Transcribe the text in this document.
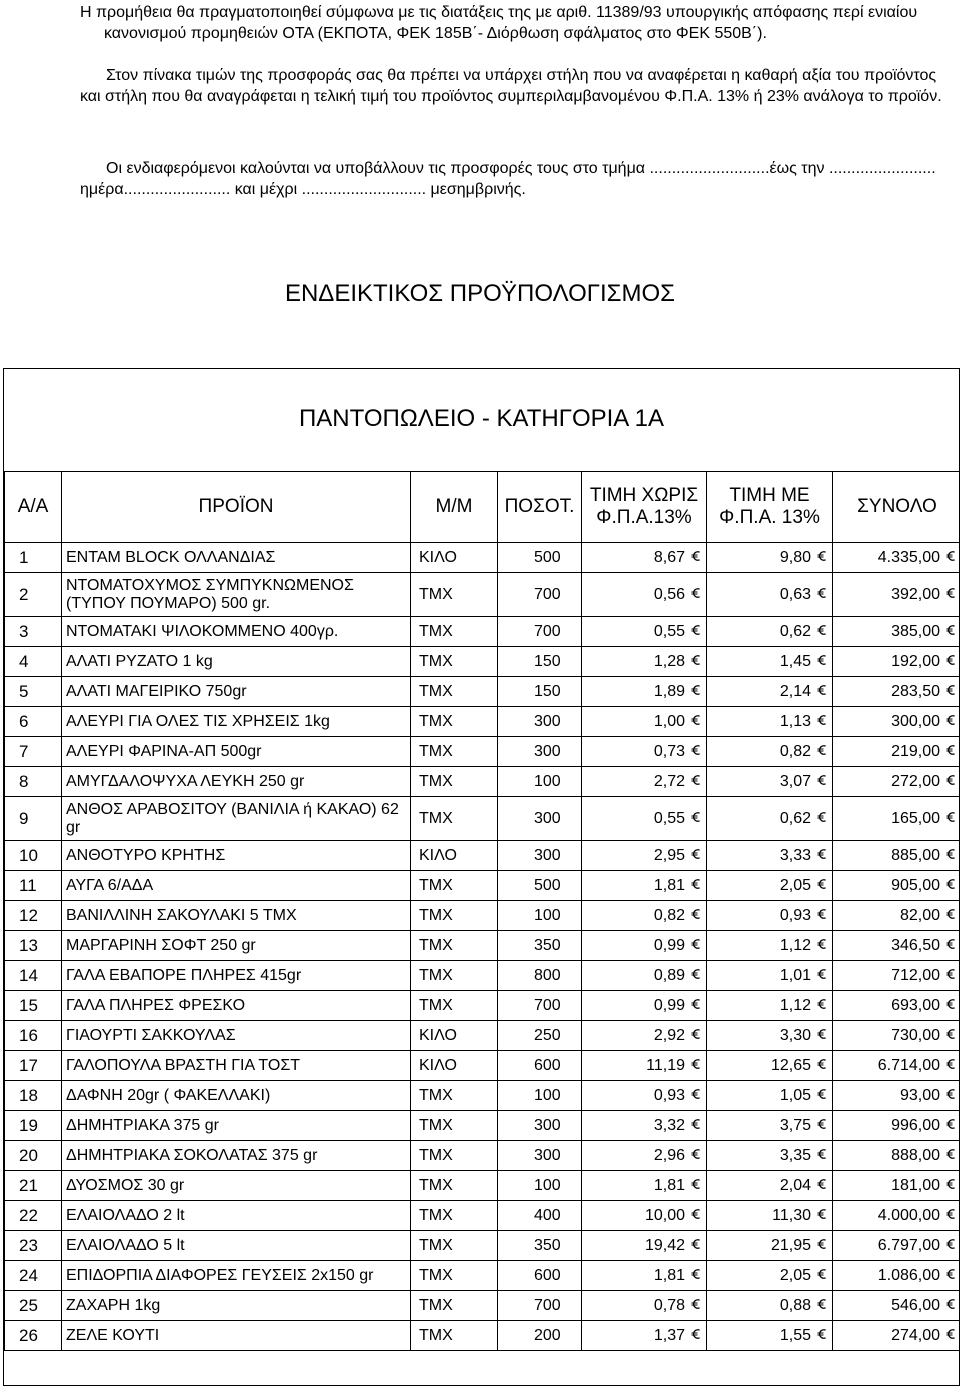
Η προμήθεια θα πραγματοποιηθεί σύμφωνα με τις διατάξεις της με αριθ. 11389/93 υπουργικής απόφασης περί ενιαίου κανονισμού προμηθειών ΟΤΑ (ΕΚΠΟΤΑ, ΦΕΚ 185Β΄- Διόρθωση σφάλματος στο ΦΕΚ 550Β΄).

Στον πίνακα τιμών της προσφοράς σας θα πρέπει να υπάρχει στήλη που να αναφέρεται η καθαρή αξία του προϊόντος και στήλη που θα αναγράφεται η τελική τιμή του προϊόντος συμπεριλαμβανομένου Φ.Π.Α. 13% ή 23% ανάλογα το προϊόν.

Οι ενδιαφερόμενοι καλούνται να υποβάλλουν τις προσφορές τους στο τμήμα ...........................έως την ........................ ημέρα........................ και μέχρι ............................ μεσημβρινής.

ΕΝΔΕΙΚΤΙΚΟΣ ΠΡΟΫΠΟΛΟΓΙΣΜΟΣ
ΠΑΝΤΟΠΩΛΕΙΟ - ΚΑΤΗΓΟΡΙΑ 1Α
Α/Α	ΠΡΟΪΟΝ	Μ/Μ	ΠΟΣΟΤ.	ΤΙΜΗ ΧΩΡΙΣ Φ.Π.Α.13%	ΤΙΜΗ ΜΕ Φ.Π.Α. 13%	ΣΥΝΟΛΟ
1	ΕΝΤΑΜ BLOCK ΟΛΛΑΝΔΙΑΣ	ΚΙΛΟ	500	8,67	9,80	4.335,00

2	ΝΤΟΜΑΤΟΧΥΜΟΣ ΣΥΜΠΥΚΝΩΜΕΝΟΣ (ΤΥΠΟΥ ΠΟΥΜΑΡΟ) 500 gr.	ΤΜΧ	700	0,56	0,63	392,00

3	ΝΤΟΜΑΤΑΚΙ ΨΙΛΟΚΟΜΜΕΝΟ 400γρ.	ΤΜΧ	700	0,55	0,62	385,00

4	ΑΛΑΤΙ ΡΥΖΑΤΟ 1 kg	ΤΜΧ	150	1,28	1,45	192,00

5	ΑΛΑΤΙ ΜΑΓΕΙΡΙΚΟ 750gr	ΤΜΧ	150	1,89	2,14	283,50

6	ΑΛΕΥΡΙ ΓΙΑ ΟΛΕΣ ΤΙΣ ΧΡΗΣΕΙΣ 1kg	ΤΜΧ	300	1,00	1,13	300,00

7	ΑΛΕΥΡΙ ΦΑΡΙΝΑ-ΑΠ 500gr	ΤΜΧ	300	0,73	0,82	219,00

8	ΑΜΥΓΔΑΛΟΨΥΧΑ ΛΕΥΚΗ 250 gr	ΤΜΧ	100	2,72	3,07	272,00

9	ΑΝΘΟΣ ΑΡΑΒΟΣΙΤΟΥ (ΒΑΝΙΛΙΑ ή ΚΑΚΑΟ) 62 gr	ΤΜΧ	300	0,55	0,62	165,00

10	ΑΝΘΟΤΥΡΟ ΚΡΗΤΗΣ	ΚΙΛΟ	300	2,95	3,33	885,00

11	ΑΥΓΑ 6/ΑΔΑ	ΤΜΧ	500	1,81	2,05	905,00

12	ΒΑΝΙΛΛΙΝΗ ΣΑΚΟΥΛΑΚΙ 5 ΤΜΧ	ΤΜΧ	100	0,82	0,93	82,00

13	ΜΑΡΓΑΡΙΝΗ ΣΟΦΤ 250 gr	ΤΜΧ	350	0,99	1,12	346,50

14	ΓΑΛΑ ΕΒΑΠΟΡΕ ΠΛΗΡΕΣ 415gr	ΤΜΧ	800	0,89	1,01	712,00

15	ΓΑΛΑ ΠΛΗΡΕΣ ΦΡΕΣΚΟ	ΤΜΧ	700	0,99	1,12	693,00

16	ΓΙΑΟΥΡΤΙ ΣΑΚΚΟΥΛΑΣ	ΚΙΛΟ	250	2,92	3,30	730,00

17	ΓΑΛΟΠΟΥΛΑ ΒΡΑΣΤΗ ΓΙΑ ΤΟΣΤ	ΚΙΛΟ	600	11,19	12,65	6.714,00

18	ΔΑΦΝΗ 20gr ( ΦΑΚΕΛΛΑΚΙ)	ΤΜΧ	100	0,93	1,05	93,00

19	ΔΗΜΗΤΡΙΑΚΑ 375 gr	ΤΜΧ	300	3,32	3,75	996,00

20	ΔΗΜΗΤΡΙΑΚΑ ΣΟΚΟΛΑΤΑΣ 375 gr	ΤΜΧ	300	2,96	3,35	888,00

21	ΔΥΟΣΜΟΣ 30 gr	ΤΜΧ	100	1,81	2,04	181,00

22	ΕΛΑΙΟΛΑΔΟ 2 lt	ΤΜΧ	400	10,00	11,30	4.000,00

23	ΕΛΑΙΟΛΑΔΟ 5 lt	ΤΜΧ	350	19,42	21,95	6.797,00

24	ΕΠΙΔΟΡΠΙΑ ΔΙΑΦΟΡΕΣ ΓΕΥΣΕΙΣ 2x150 gr	ΤΜΧ	600	1,81	2,05	1.086,00

25	ΖΑΧΑΡΗ 1kg	ΤΜΧ	700	0,78	0,88	546,00

26	ΖΕΛΕ ΚΟΥΤΙ	ΤΜΧ	200	1,37	1,55	274,00
